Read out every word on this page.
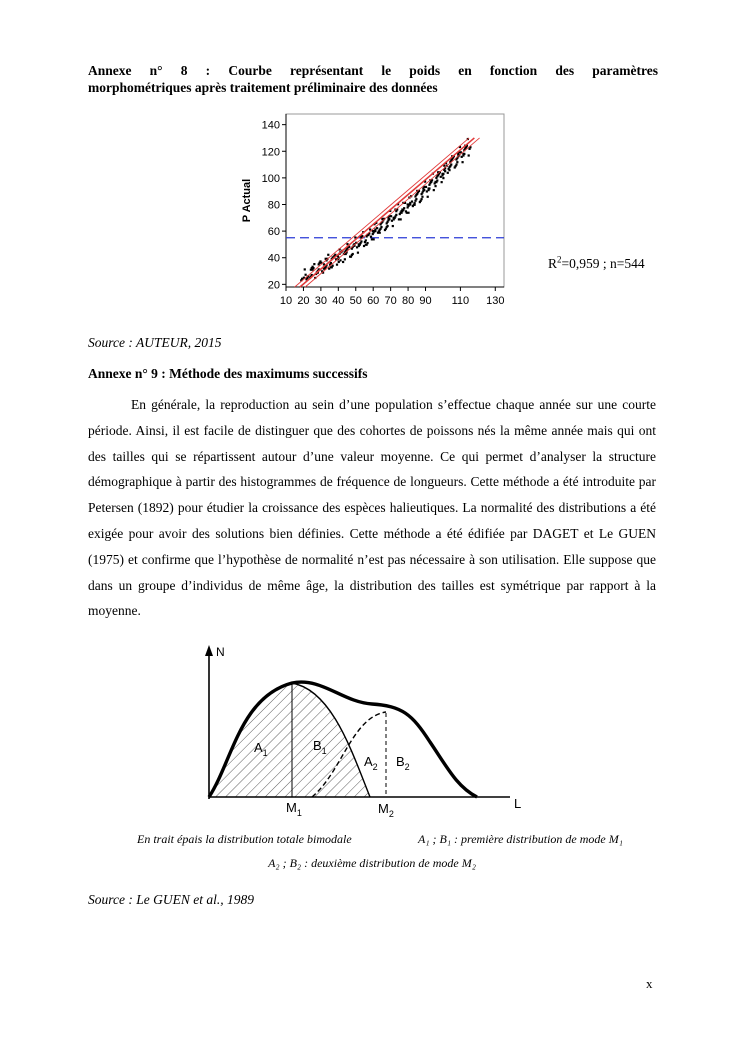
Annexe n° 8 : Courbe représentant le poids en fonction des paramètres
morphométriques après traitement préliminaire des données
20
40
60
80
100
120
140
10 20 30 40 50 60 70 80 90 110 130
P Actual
$R^2=0,959$ ; n=544
Source : AUTEUR, 2015
Annexe n° 9 : Méthode des maximums successifs

En générale, la reproduction au sein d’une population s’effectue chaque année sur une courte période. Ainsi, il est facile de distinguer que des cohortes de poissons nés la même année mais qui ont des tailles qui se répartissent autour d’une valeur moyenne. Ce qui permet d’analyser la structure démographique à partir des histogrammes de fréquence de longueurs. Cette méthode a été introduite par Petersen (1892) pour étudier la croissance des espèces halieutiques. La normalité des distributions a été exigée pour avoir des solutions bien définies. Cette méthode a été édifiée par DAGET et Le GUEN (1975) et confirme que l’hypothèse de normalité n’est pas nécessaire à son utilisation. Elle suppose que dans un groupe d’individus de même âge, la distribution des tailles est symétrique par rapport à la moyenne.

N
L
$M_1$	$M_2$
$A_1$	$B_1$
$A_2$ $B_2$
En trait épais la distribution totale bimodale	A₁ ; B₁ : première distribution de mode M₁
A₂ ; B₂ : deuxième distribution de mode M₂
Source : Le GUEN et al., 1989
x
